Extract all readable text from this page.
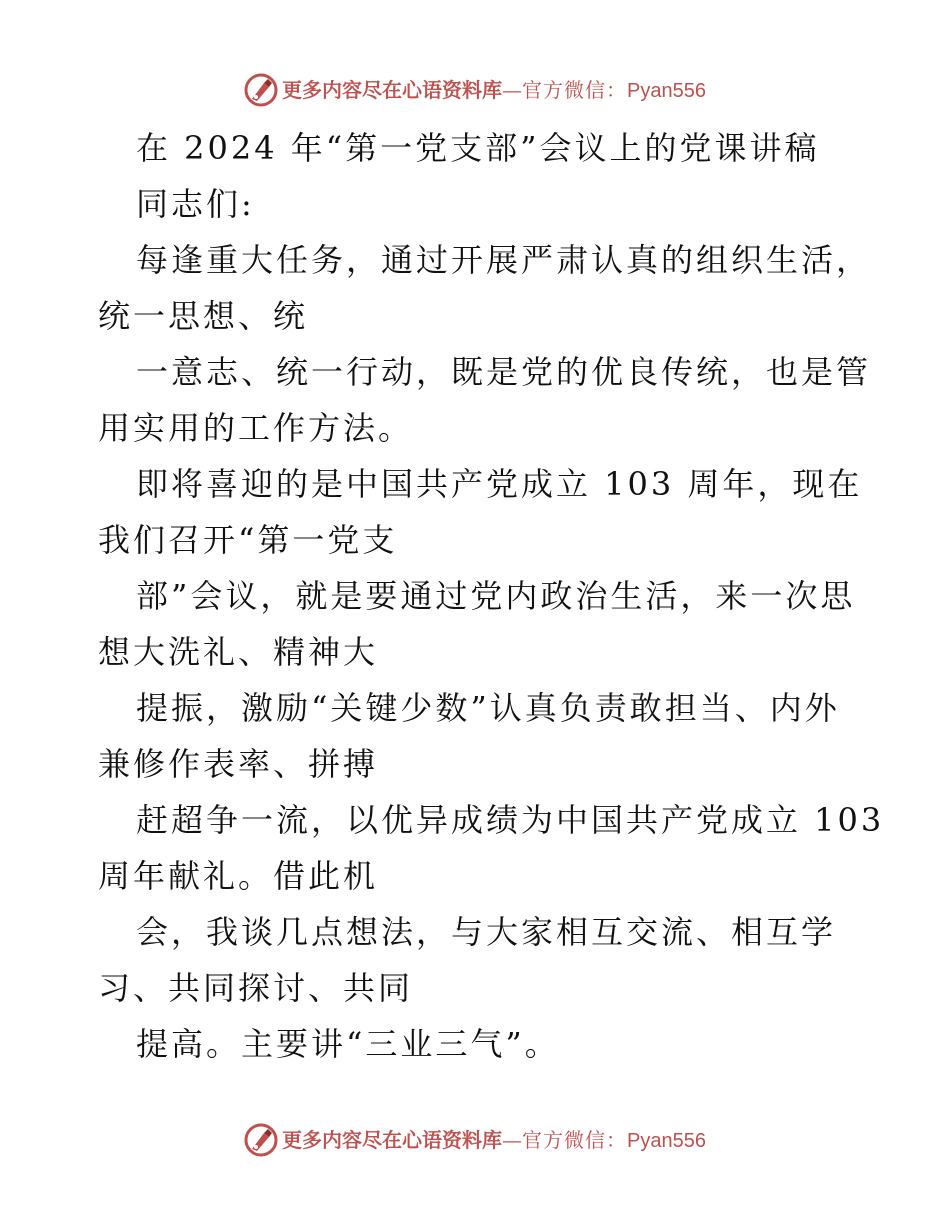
更多内容尽在心语资料库 — 官方微信： Pyan556
在 2024 年“第一党支部”会议上的党课讲稿
同志们:
每逢重大任务，通过开展严肃认真的组织生活，
统一思想、统
一意志、统一行动，既是党的优良传统，也是管
用实用的工作方法。
即将喜迎的是中国共产党成立 103 周年，现在
我们召开“第一党支
部”会议，就是要通过党内政治生活，来一次思
想大洗礼、精神大
提振，激励“关键少数”认真负责敢担当、内外
兼修作表率、拼搏
赶超争一流，以优异成绩为中国共产党成立 103
周年献礼。借此机
会，我谈几点想法，与大家相互交流、相互学
习、共同探讨、共同
提高。主要讲“三业三气”。
更多内容尽在心语资料库 — 官方微信： Pyan556
